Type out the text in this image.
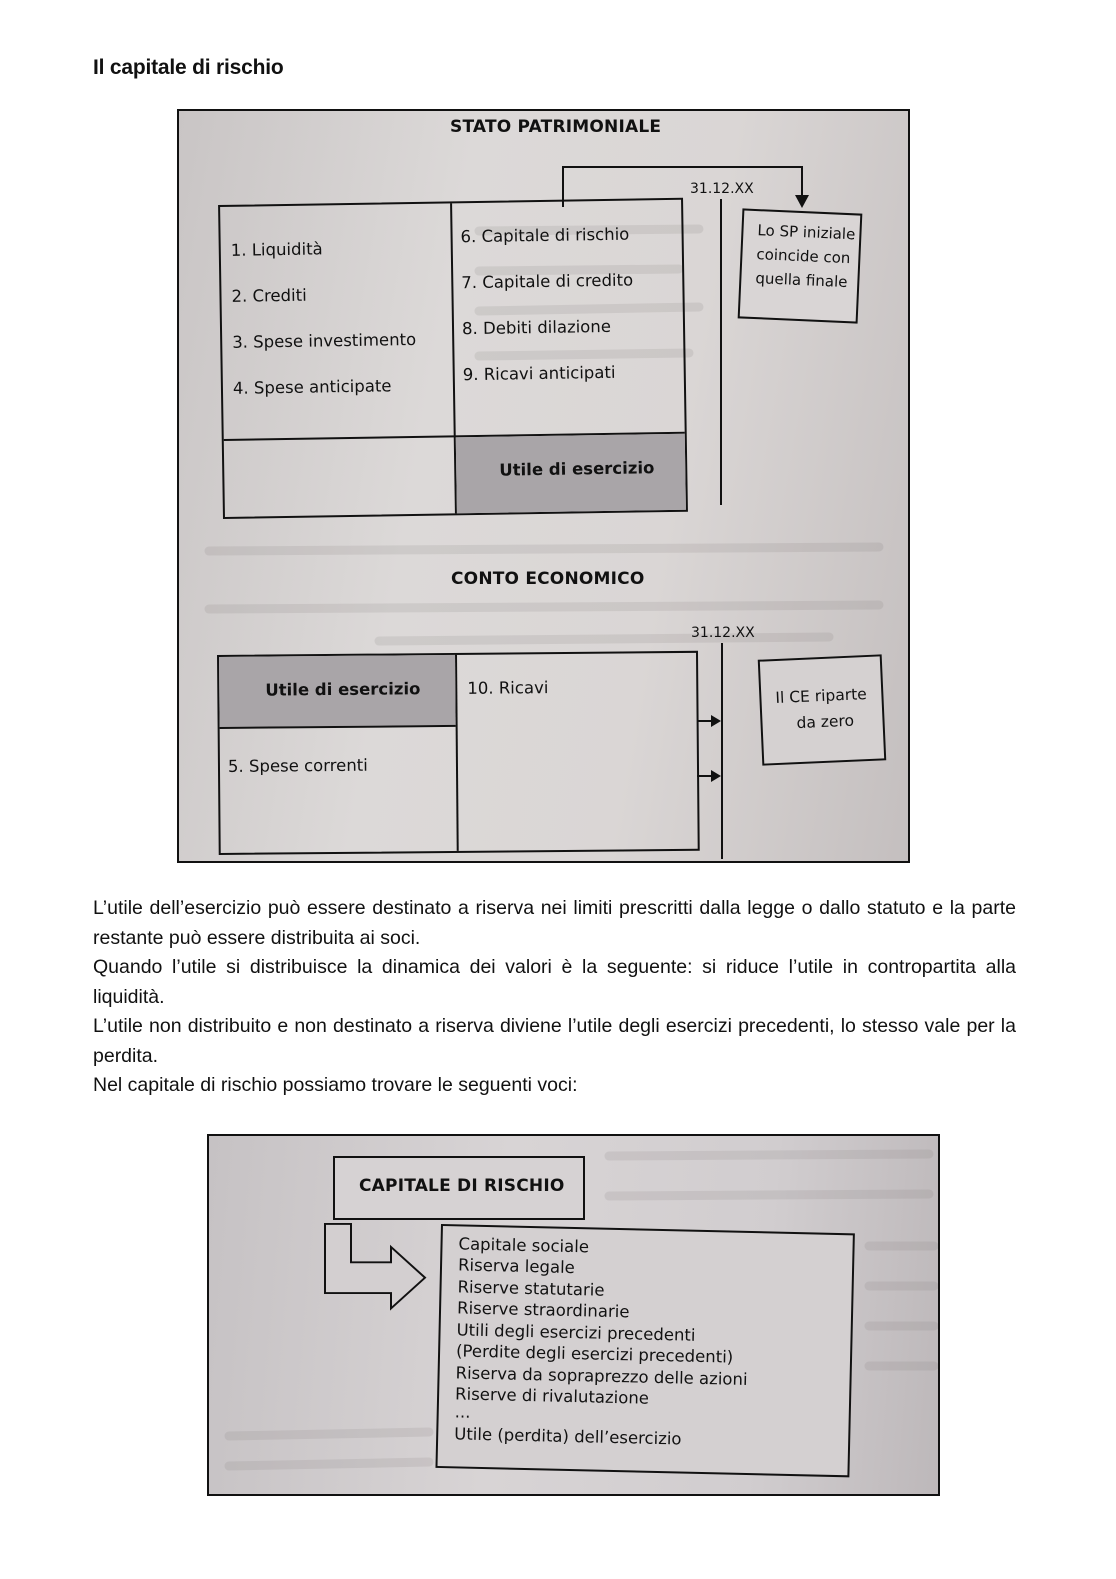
Il capitale di rischio
STATO PATRIMONIALE
31.12.XX
1. Liquidità
2. Crediti
3. Spese investimento
4. Spese anticipate
6. Capitale di rischio
7. Capitale di credito
8. Debiti dilazione
9. Ricavi anticipati
Utile di esercizio
Lo SP iniziale
coincide con
quella finale
CONTO ECONOMICO
31.12.XX
Utile di esercizio	10. Ricavi
5. Spese correnti
Il CE riparte
da zero
L’utile dell’esercizio può essere destinato a riserva nei limiti prescritti dalla legge o dallo statuto e la parte restante può essere distribuita ai soci.
Quando l’utile si distribuisce la dinamica dei valori è la seguente: si riduce l’utile in contropartita alla liquidità.
L’utile non distribuito e non destinato a riserva diviene l’utile degli esercizi precedenti, lo stesso vale per la perdita.
Nel capitale di rischio possiamo trovare le seguenti voci:
CAPITALE DI RISCHIO
Capitale sociale
Riserva legale
Riserve statutarie
Riserve straordinarie
Utili degli esercizi precedenti
(Perdite degli esercizi precedenti)
Riserva da sopraprezzo delle azioni
Riserve di rivalutazione
...
Utile (perdita) dell’esercizio
